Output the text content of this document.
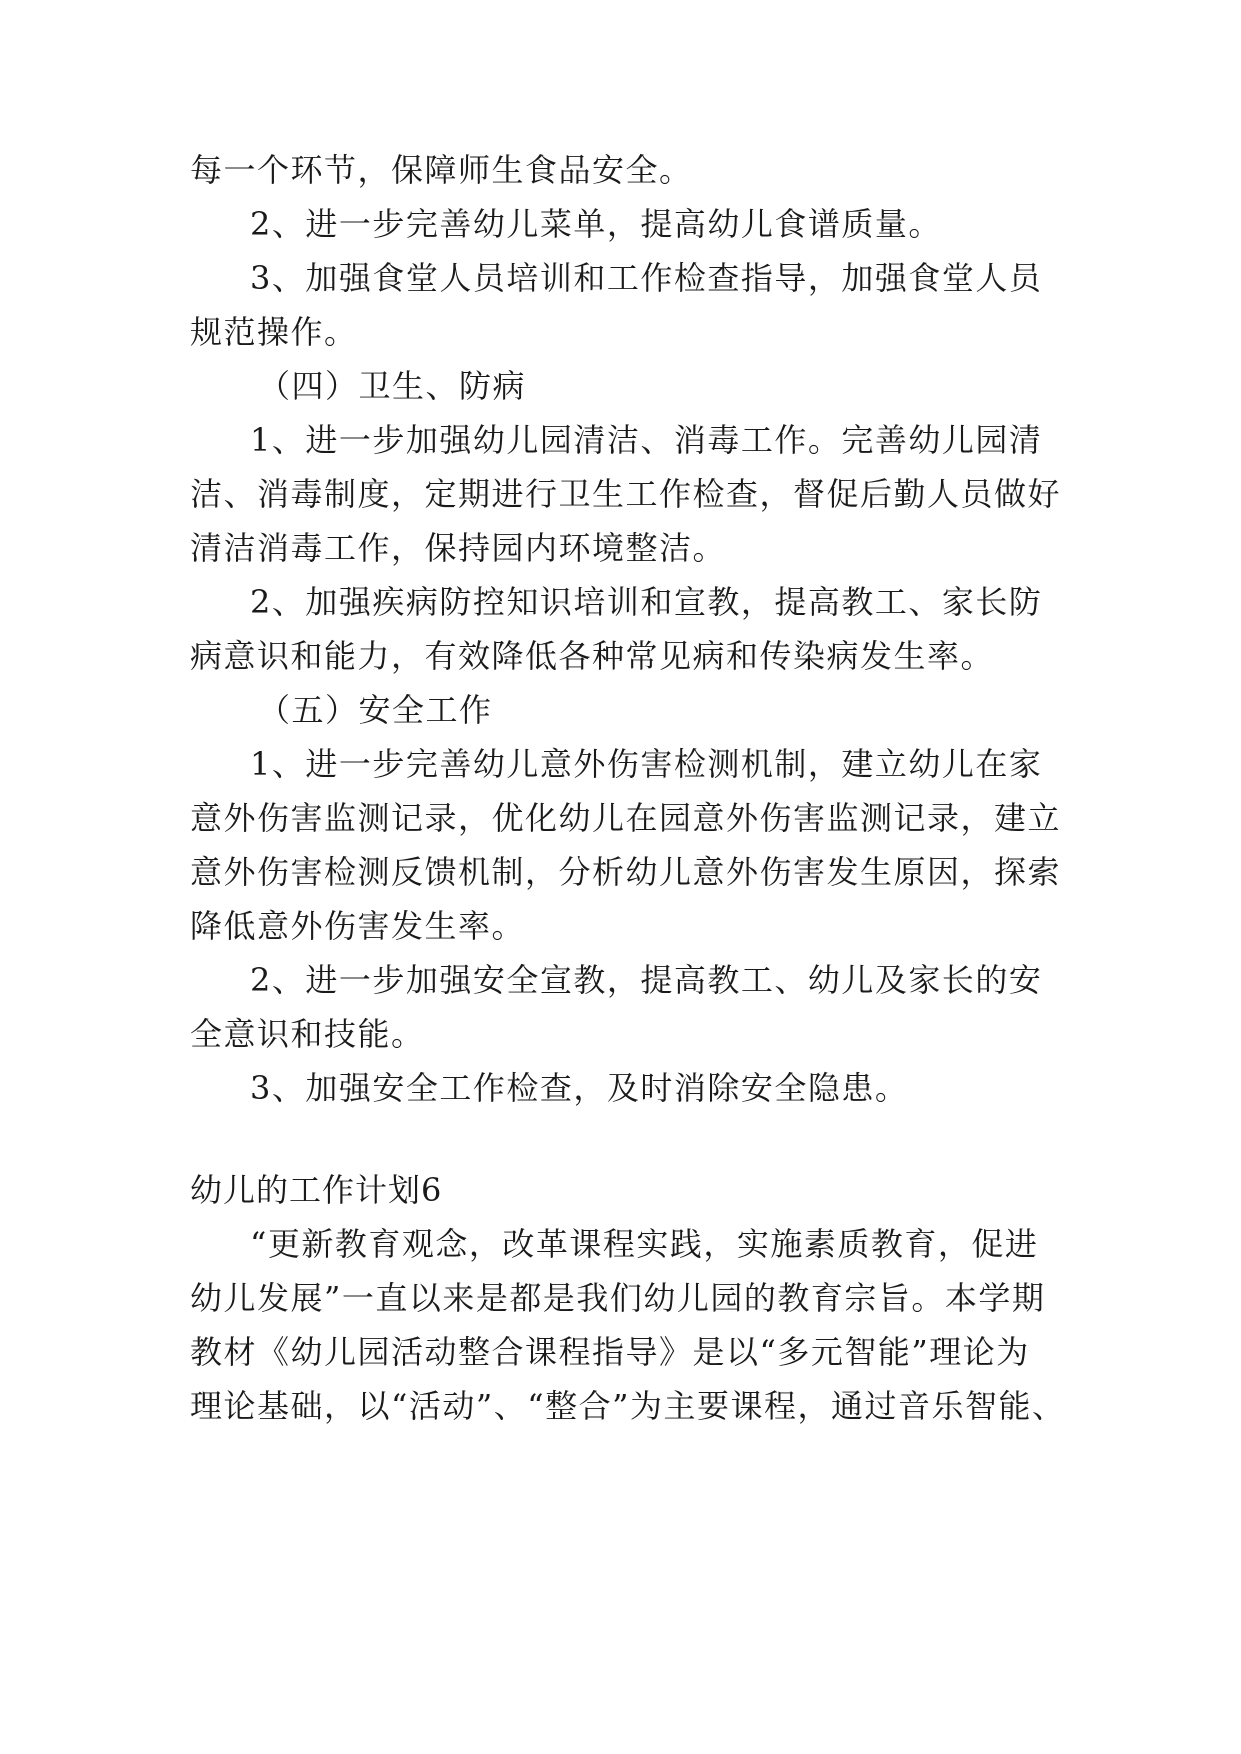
每一个环节，保障师生食品安全。
2、进一步完善幼儿菜单，提高幼儿食谱质量。
3、加强食堂人员培训和工作检查指导，加强食堂人员
规范操作。
（四）卫生、防病
1、进一步加强幼儿园清洁、消毒工作。完善幼儿园清
洁、消毒制度，定期进行卫生工作检查，督促后勤人员做好
清洁消毒工作，保持园内环境整洁。
2、加强疾病防控知识培训和宣教，提高教工、家长防
病意识和能力，有效降低各种常见病和传染病发生率。
（五）安全工作
1、进一步完善幼儿意外伤害检测机制，建立幼儿在家
意外伤害监测记录，优化幼儿在园意外伤害监测记录，建立
意外伤害检测反馈机制，分析幼儿意外伤害发生原因，探索
降低意外伤害发生率。
2、进一步加强安全宣教，提高教工、幼儿及家长的安
全意识和技能。
3、加强安全工作检查，及时消除安全隐患。
幼儿的工作计划6
“更新教育观念，改革课程实践，实施素质教育，促进
幼儿发展”一直以来是都是我们幼儿园的教育宗旨。本学期
教材《幼儿园活动整合课程指导》是以“多元智能”理论为
理论基础，以“活动”、“整合”为主要课程，通过音乐智能、
